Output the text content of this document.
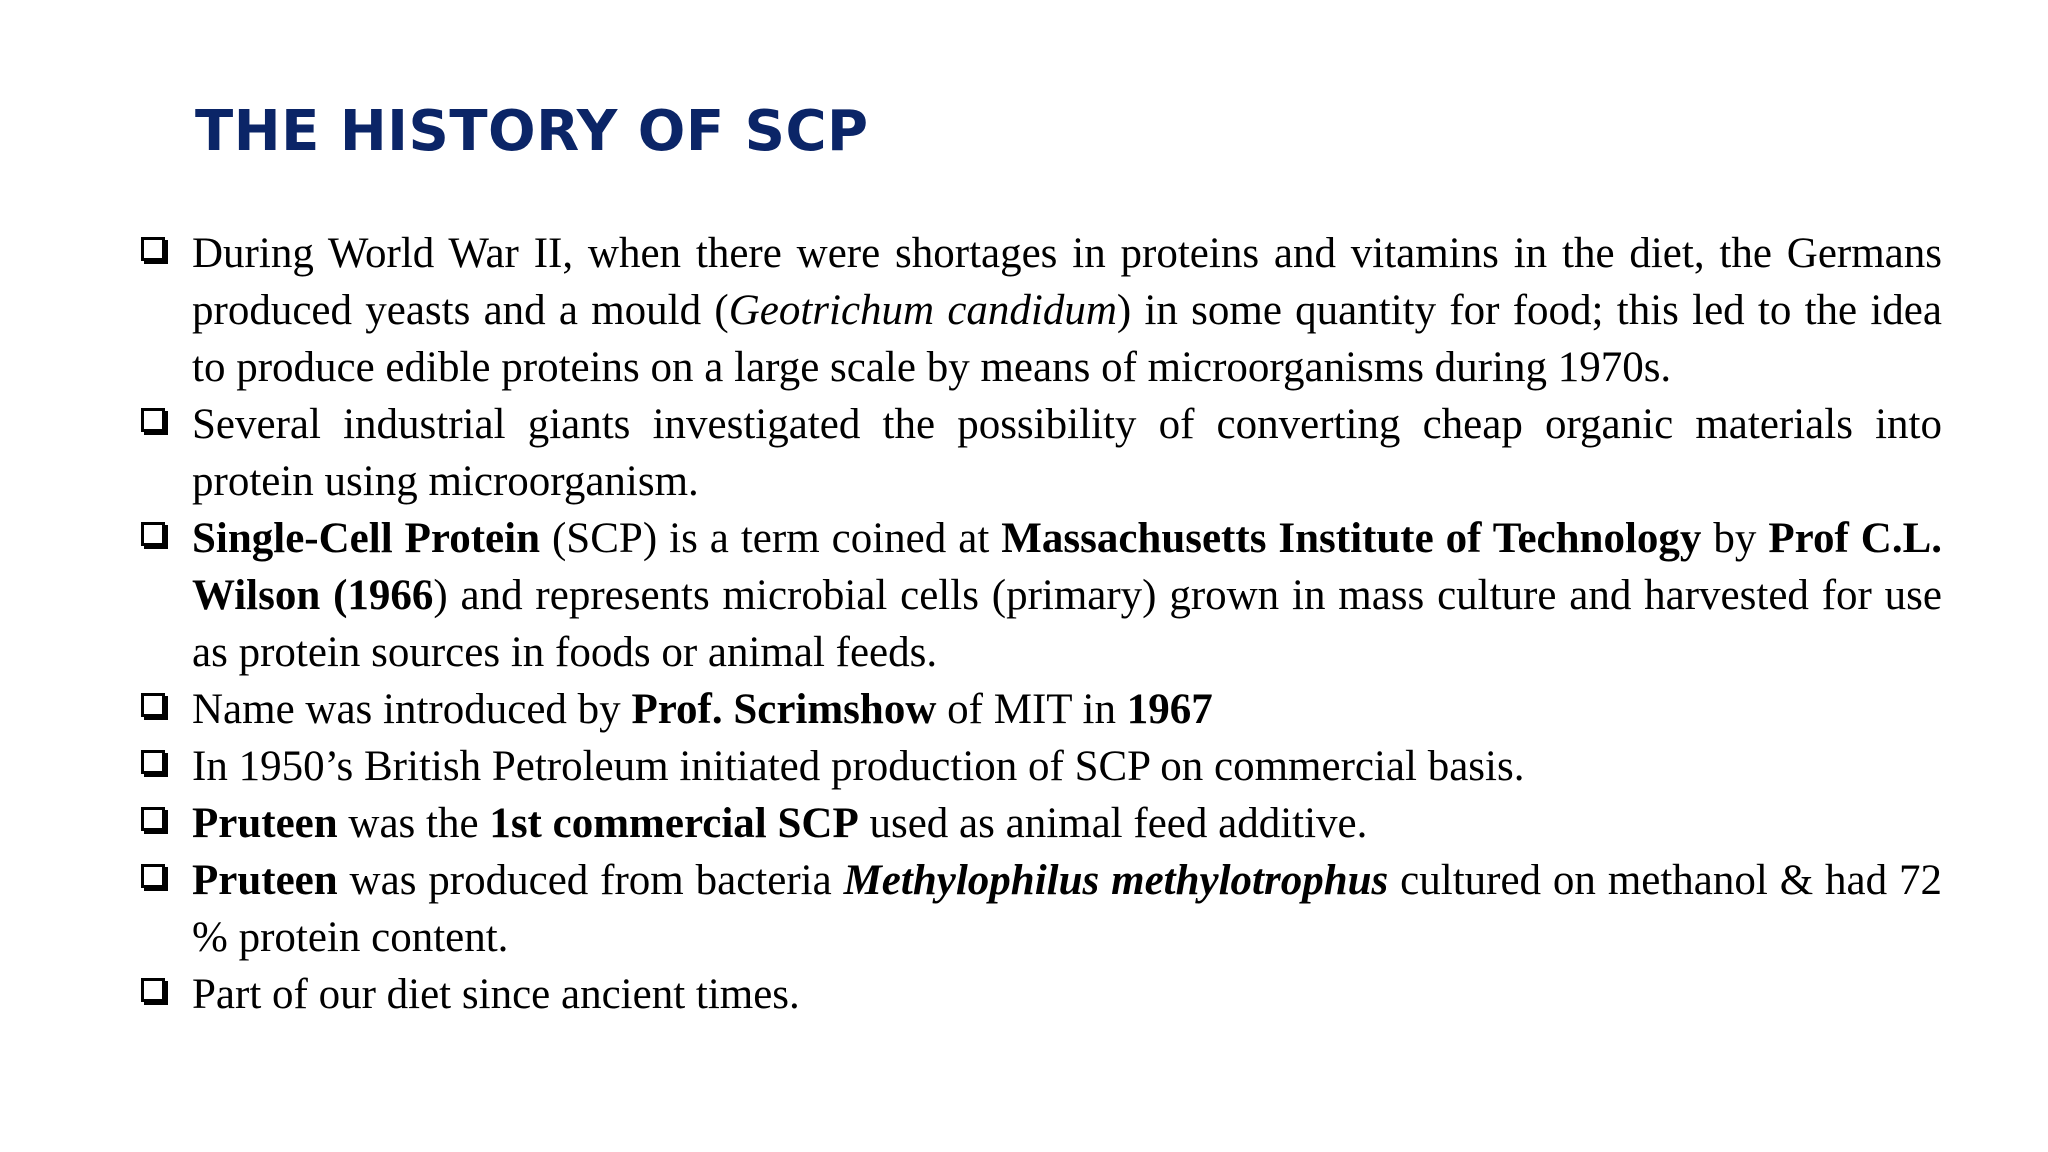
THE HISTORY OF SCP
During World War II, when there were shortages in proteins and vitamins in the diet, the Germans produced yeasts and a mould (Geotrichum candidum) in some quantity for food; this led to the idea to produce edible proteins on a large scale by means of microorganisms during 1970s.
Several industrial giants investigated the possibility of converting cheap organic materials into protein using microorganism.
Single-Cell Protein (SCP) is a term coined at Massachusetts Institute of Technology by Prof C.L. Wilson (1966) and represents microbial cells (primary) grown in mass culture and harvested for use as protein sources in foods or animal feeds.
Name was introduced by Prof. Scrimshow of MIT in 1967
In 1950’s British Petroleum initiated production of SCP on commercial basis.
Pruteen was the 1st commercial SCP used as animal feed additive.
Pruteen was produced from bacteria Methylophilus methylotrophus cultured on methanol & had 72 % protein content.
Part of our diet since ancient times.
